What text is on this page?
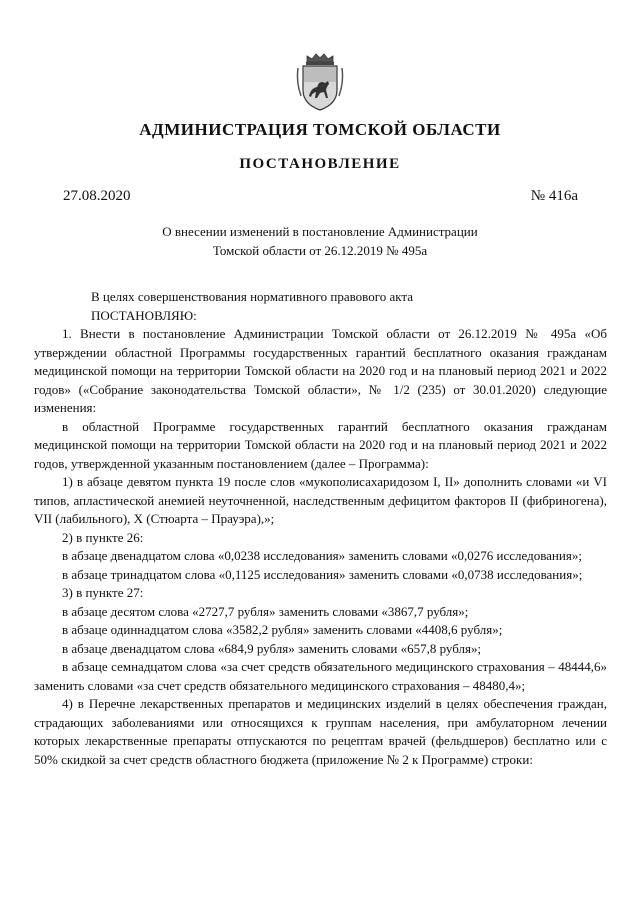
АДМИНИСТРАЦИЯ ТОМСКОЙ ОБЛАСТИ
ПОСТАНОВЛЕНИЕ
27.08.2020	№ 416а
О внесении изменений в постановление Администрации
Томской области от 26.12.2019 № 495а

В целях совершенствования нормативного правового акта

ПОСТАНОВЛЯЮ:

1. Внести в постановление Администрации Томской области от 26.12.2019 № 495а «Об утверждении областной Программы государственных гарантий бесплатного оказания гражданам медицинской помощи на территории Томской области на 2020 год и на плановый период 2021 и 2022 годов» («Собрание законодательства Томской области», № 1/2 (235) от 30.01.2020) следующие изменения:

в областной Программе государственных гарантий бесплатного оказания гражданам медицинской помощи на территории Томской области на 2020 год и на плановый период 2021 и 2022 годов, утвержденной указанным постановлением (далее – Программа):

1) в абзаце девятом пункта 19 после слов «мукополисахаридозом I, II» дополнить словами «и VI типов, апластической анемией неуточненной, наследственным дефицитом факторов II (фибриногена), VII (лабильного), X (Стюарта – Прауэра),»;

2) в пункте 26:

в абзаце двенадцатом слова «0,0238 исследования» заменить словами «0,0276 исследования»;

в абзаце тринадцатом слова «0,1125 исследования» заменить словами «0,0738 исследования»;

3) в пункте 27:

в абзаце десятом слова «2727,7 рубля» заменить словами «3867,7 рубля»;

в абзаце одиннадцатом слова «3582,2 рубля» заменить словами «4408,6 рубля»;

в абзаце двенадцатом слова «684,9 рубля» заменить словами «657,8 рубля»;

в абзаце семнадцатом слова «за счет средств обязательного медицинского страхования – 48444,6» заменить словами «за счет средств обязательного медицинского страхования – 48480,4»;

4) в Перечне лекарственных препаратов и медицинских изделий в целях обеспечения граждан, страдающих заболеваниями или относящихся к группам населения, при амбулаторном лечении которых лекарственные препараты отпускаются по рецептам врачей (фельдшеров) бесплатно или с 50% скидкой за счет средств областного бюджета (приложение № 2 к Программе) строки:
